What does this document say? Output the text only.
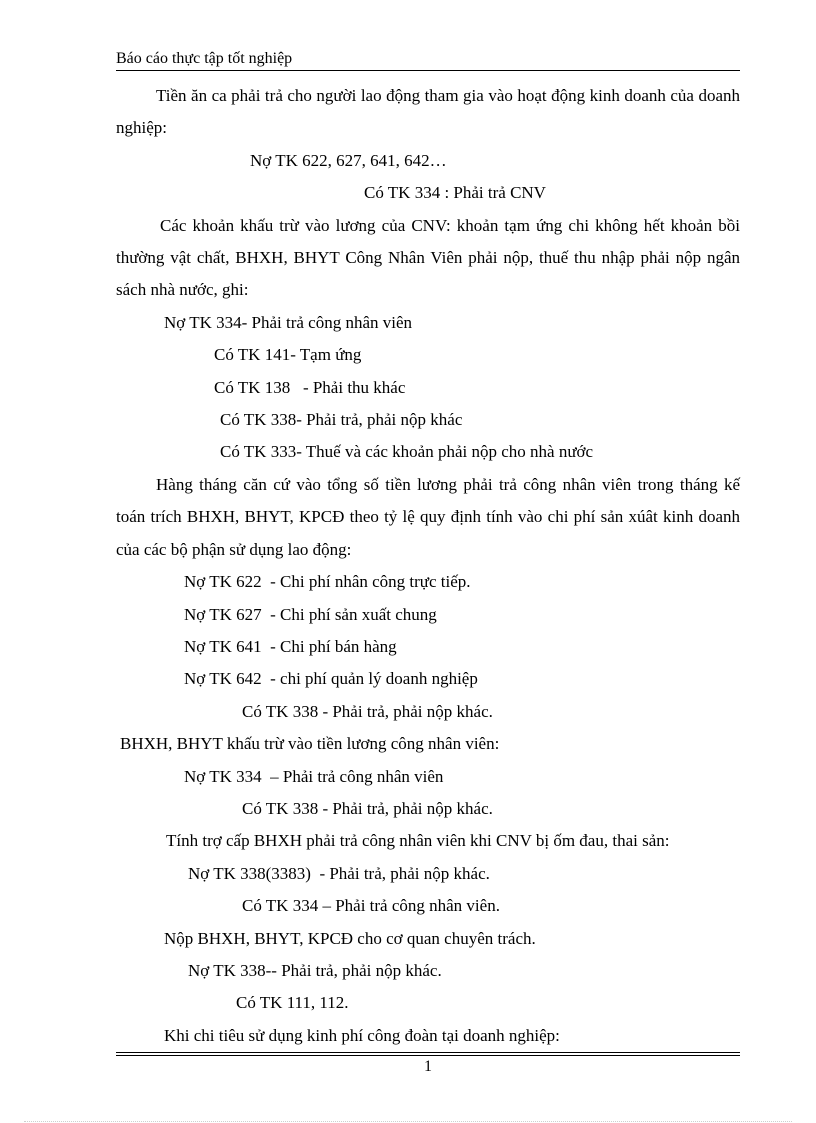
Báo cáo thực tập tốt nghiệp
Tiền ăn ca phải trả cho người lao động tham gia vào hoạt động kinh doanh của doanh nghiệp:
Nợ TK 622, 627, 641, 642…
Có TK 334 : Phải trả CNV
Các khoản khấu trừ vào lương của CNV: khoản tạm ứng chi không hết khoản bồi thường vật chất, BHXH, BHYT Công Nhân Viên phải nộp, thuế thu nhập phải nộp ngân sách nhà nước, ghi:
Nợ TK 334- Phải trả công nhân viên
Có TK 141- Tạm ứng
Có TK 138   - Phải thu khác
Có TK 338- Phải trả, phải nộp khác
Có TK 333- Thuế và các khoản phải nộp cho nhà nước
Hàng tháng căn cứ vào tổng số tiền lương phải trả công nhân viên trong tháng kế toán trích BHXH, BHYT, KPCĐ theo tỷ lệ quy định tính vào chi phí sản xúât kinh doanh của các bộ phận sử dụng lao động:
Nợ TK 622  - Chi phí nhân công trực tiếp.
Nợ TK 627  - Chi phí sản xuất chung
Nợ TK 641  - Chi phí bán hàng
Nợ TK 642  - chi phí quản lý doanh nghiệp
Có TK 338 - Phải trả, phải nộp khác.
BHXH, BHYT khấu trừ vào tiền lương công nhân viên:
Nợ TK 334  – Phải trả công nhân viên
Có TK 338 - Phải trả, phải nộp khác.
Tính trợ cấp BHXH phải trả công nhân viên khi CNV bị ốm đau, thai sản:
Nợ TK 338(3383)  - Phải trả, phải nộp khác.
Có TK 334 – Phải trả công nhân viên.
Nộp BHXH, BHYT, KPCĐ cho cơ quan chuyên trách.
Nợ TK 338-- Phải trả, phải nộp khác.
Có TK 111, 112.
Khi chi tiêu sử dụng kinh phí công đoàn tại doanh nghiệp:
1
